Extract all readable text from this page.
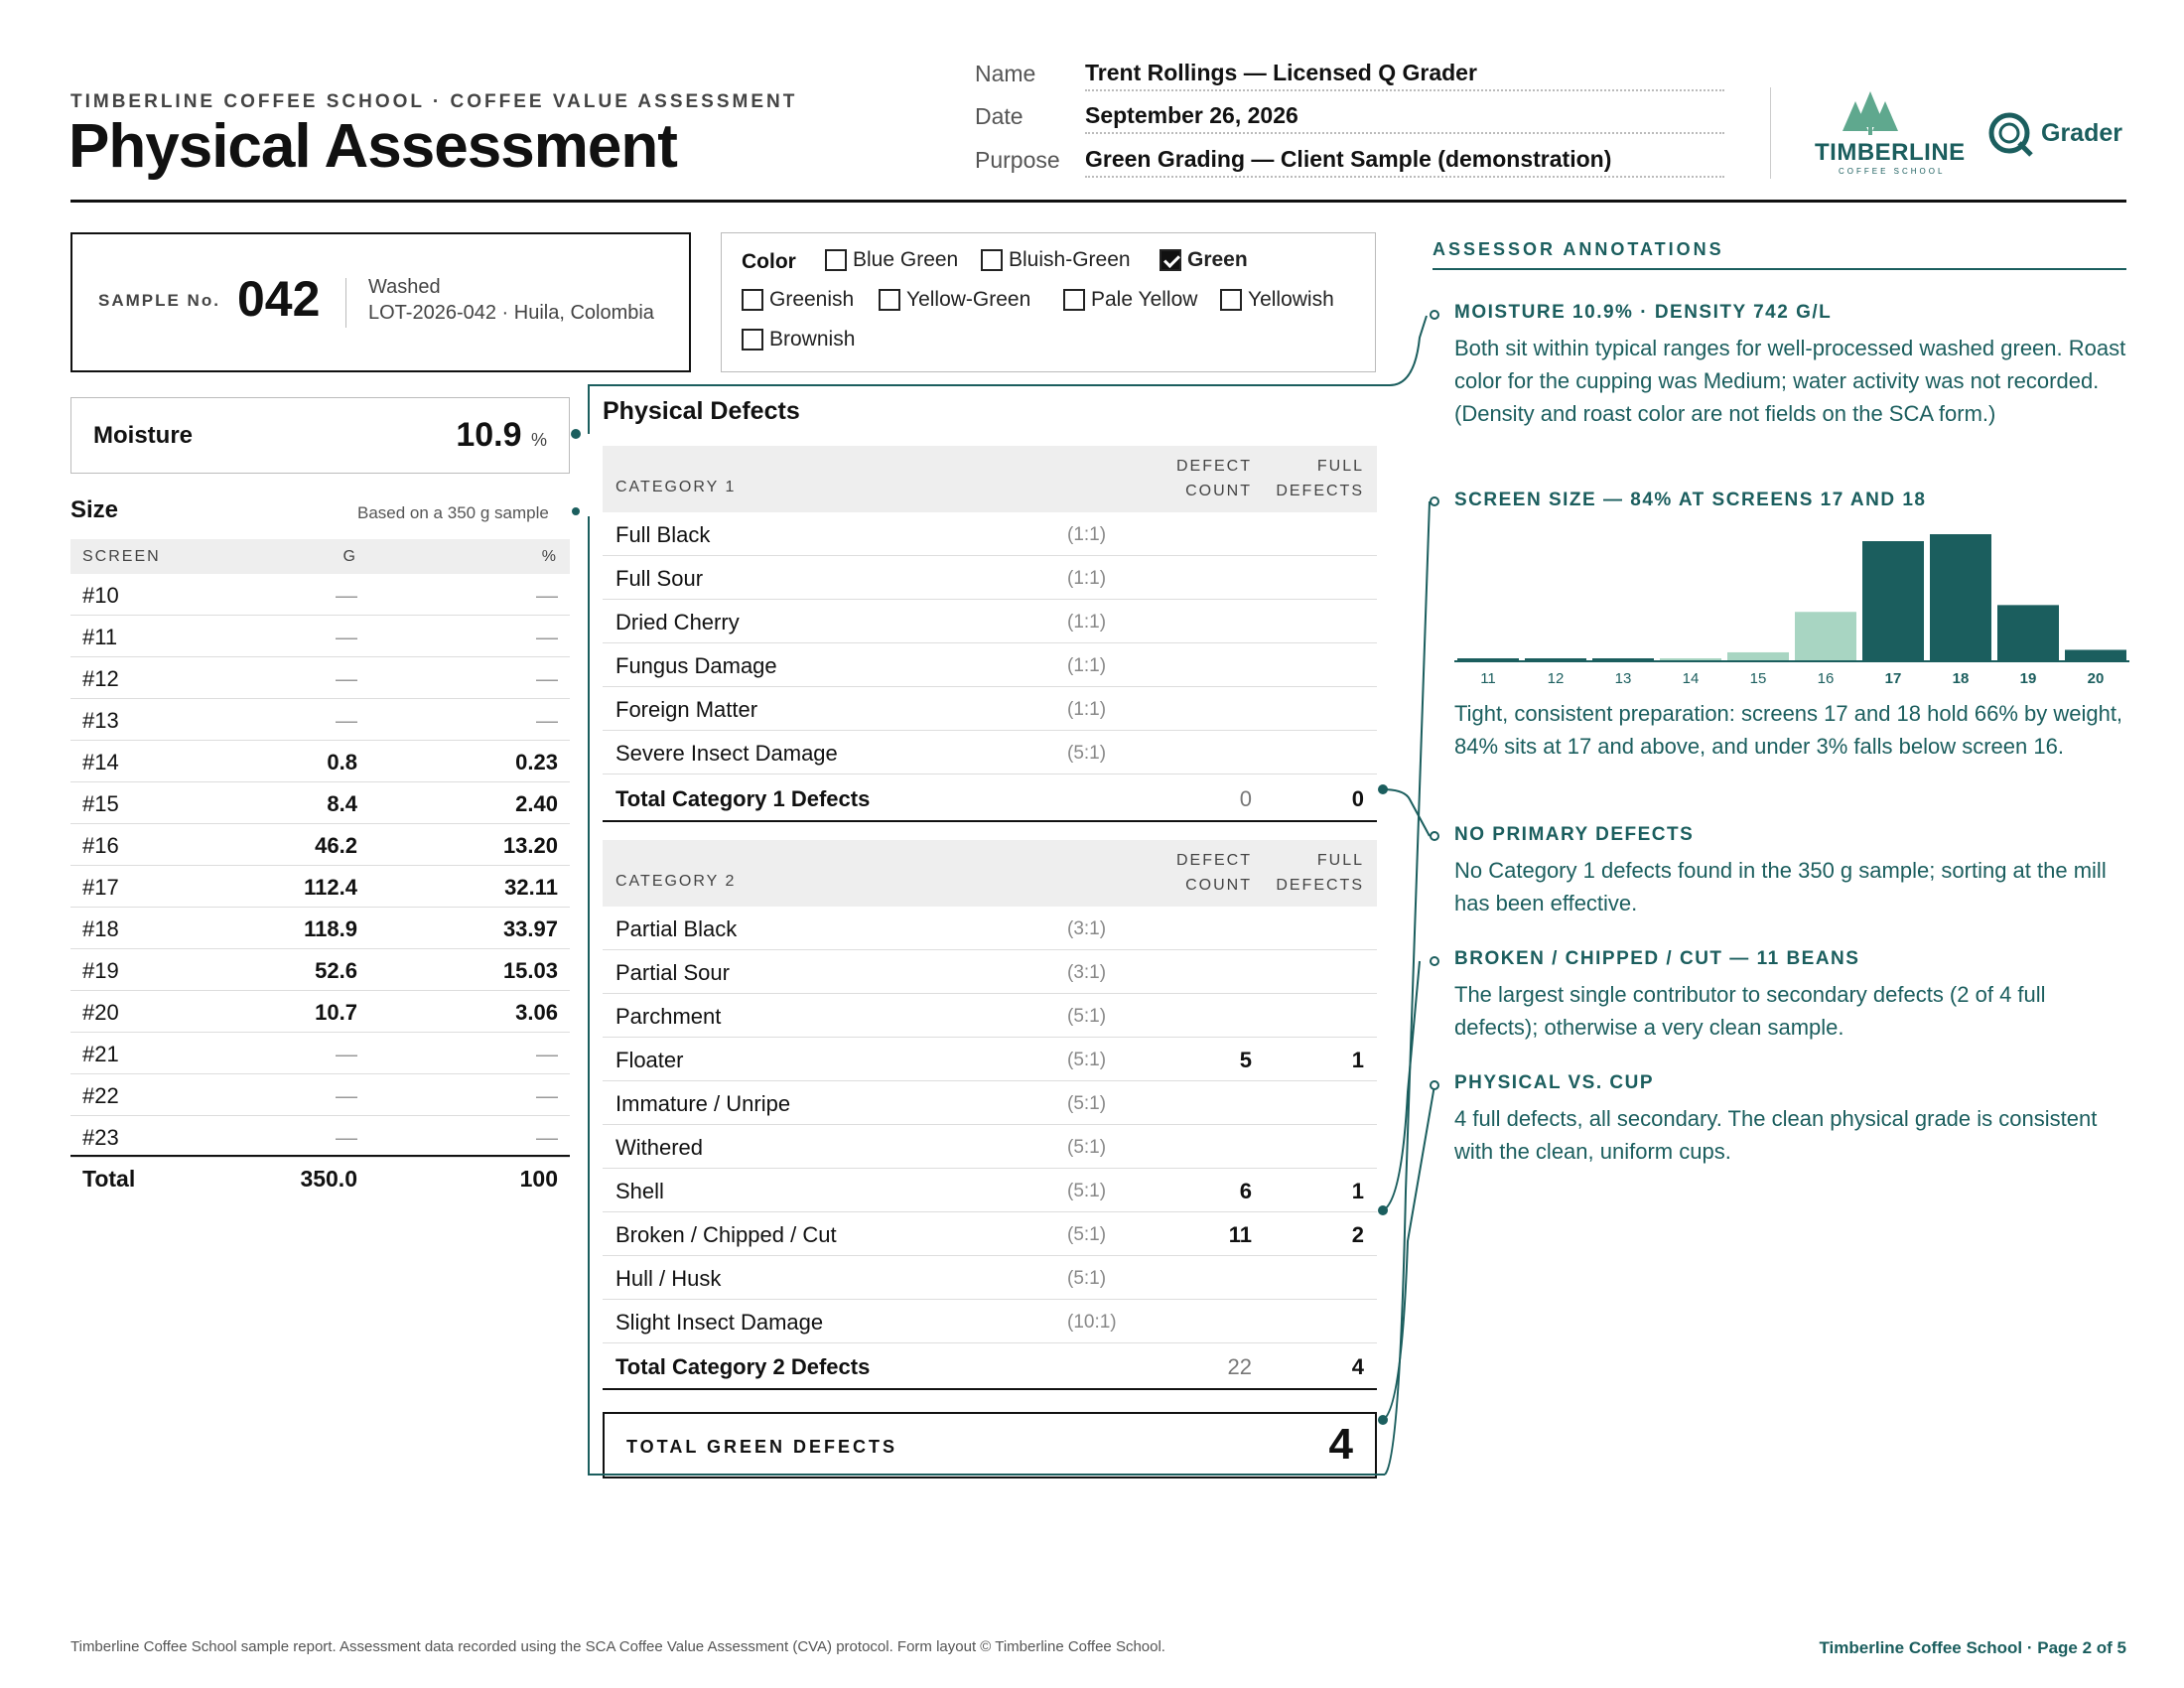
TIMBERLINE COFFEE SCHOOL · COFFEE VALUE ASSESSMENT
Physical Assessment
Name Trent Rollings — Licensed Q Grader
Date	September 26, 2026
Purpose Green Grading — Client Sample (demonstration)	TIMBERLINE
COFFEE SCHOOL
Grader
SAMPLE No. 042 Washed
LOT-2026-042 · Huila, Colombia
Color	Blue Green Bluish-Green	Green
Greenish	Yellow-Green	Pale Yellow Yellowish
Brownish
Moisture	10.9 %
Size	Based on a 350 g sample
SCREEN	G	%
#10	—	—
#11	—	—
#12	—	—
#13	—	—
#14	0.8	0.23
#15	8.4	2.40
#16	46.2	13.20
#17	112.4	32.11
#18	118.9	33.97
#19	52.6	15.03
#20	10.7	3.06
#21	—	—
#22	—	—
#23	—	—
Total	350.0	100
Physical Defects
CATEGORY 1
DEFECT
COUNT
FULL
DEFECTS
Full Black	(1:1)
Full Sour	(1:1)
Dried Cherry	(1:1)
Fungus Damage	(1:1)
Foreign Matter	(1:1)
Severe Insect Damage	(5:1)
Total Category 1 Defects	0	0
CATEGORY 2
DEFECT
COUNT
FULL
DEFECTS
Partial Black	(3:1)
Partial Sour	(3:1)
Parchment	(5:1)
Floater	(5:1)	5	1
Immature / Unripe	(5:1)
Withered	(5:1)
Shell	(5:1)	6	1
Broken / Chipped / Cut	(5:1)	11	2
Hull / Husk	(5:1)
Slight Insect Damage	(10:1)
Total Category 2 Defects	22	4
TOTAL GREEN DEFECTS	4
ASSESSOR ANNOTATIONS
MOISTURE 10.9% · DENSITY 742 G/L
Both sit within typical ranges for well-processed washed green. Roast color for the cupping was Medium; water activity was not recorded. (Density and roast color are not fields on the SCA form.)
SCREEN SIZE — 84% AT SCREENS 17 AND 18
11	12	13	14	15	16	17	18	19	20
Tight, consistent preparation: screens 17 and 18 hold 66% by weight, 84% sits at 17 and above, and under 3% falls below screen 16.
NO PRIMARY DEFECTS
No Category 1 defects found in the 350 g sample; sorting at the mill has been effective.
BROKEN / CHIPPED / CUT — 11 BEANS
The largest single contributor to secondary defects (2 of 4 full defects); otherwise a very clean sample.
PHYSICAL VS. CUP
4 full defects, all secondary. The clean physical grade is consistent with the clean, uniform cups.
Timberline Coffee School sample report. Assessment data recorded using the SCA Coffee Value Assessment (CVA) protocol. Form layout © Timberline Coffee School.	Timberline Coffee School · Page 2 of 5
